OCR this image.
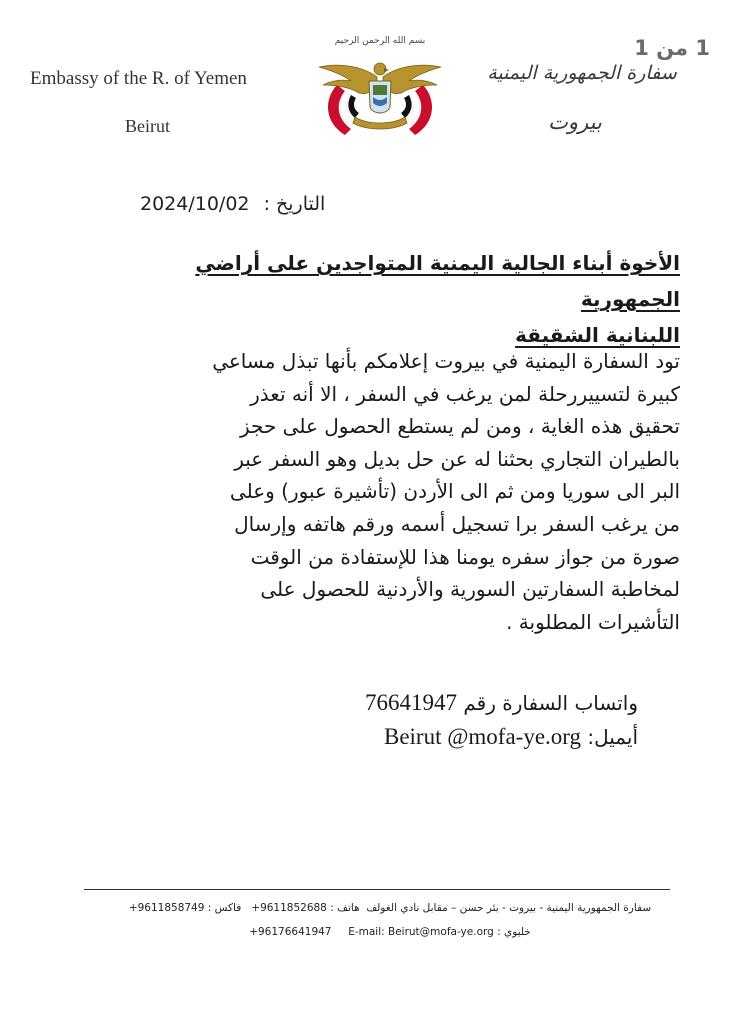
1 من 1
Embassy of the R. of Yemen
Beirut
بسم الله الرحمن الرحيم
سفارة الجمهورية اليمنية
بيروت
2024/10/02 التاريخ :
الأخوة أبناء الجالية اليمنية المتواجدين على أراضي الجمهورية
اللبنانية الشقيقة
تود السفارة اليمنية في بيروت إعلامكم بأنها تبذل مساعي
كبيرة لتسييررحلة لمن يرغب في السفر ، الا أنه تعذر
تحقيق هذه الغاية ، ومن لم يستطع الحصول على حجز
بالطيران التجاري بحثنا له عن حل بديل وهو السفر عبر
البر الى سوريا ومن ثم الى الأردن (تأشيرة عبور) وعلى
من يرغب السفر برا تسجيل أسمه ورقم هاتفه وإرسال
صورة من جواز سفره يومنا هذا للإستفادة من الوقت
لمخاطبة السفارتين السورية والأردنية للحصول على
التأشيرات المطلوبة .
واتساب السفارة رقم 76641947
أيميل: Beirut @mofa-ye.org
سفارة الجمهورية اليمنية - بيروت - بئر حسن – مقابل نادي الغولف  هاتف : +9611852688   فاكس : +9611858749
خليوي : +96176641947 E-mail: Beirut@mofa-ye.org
